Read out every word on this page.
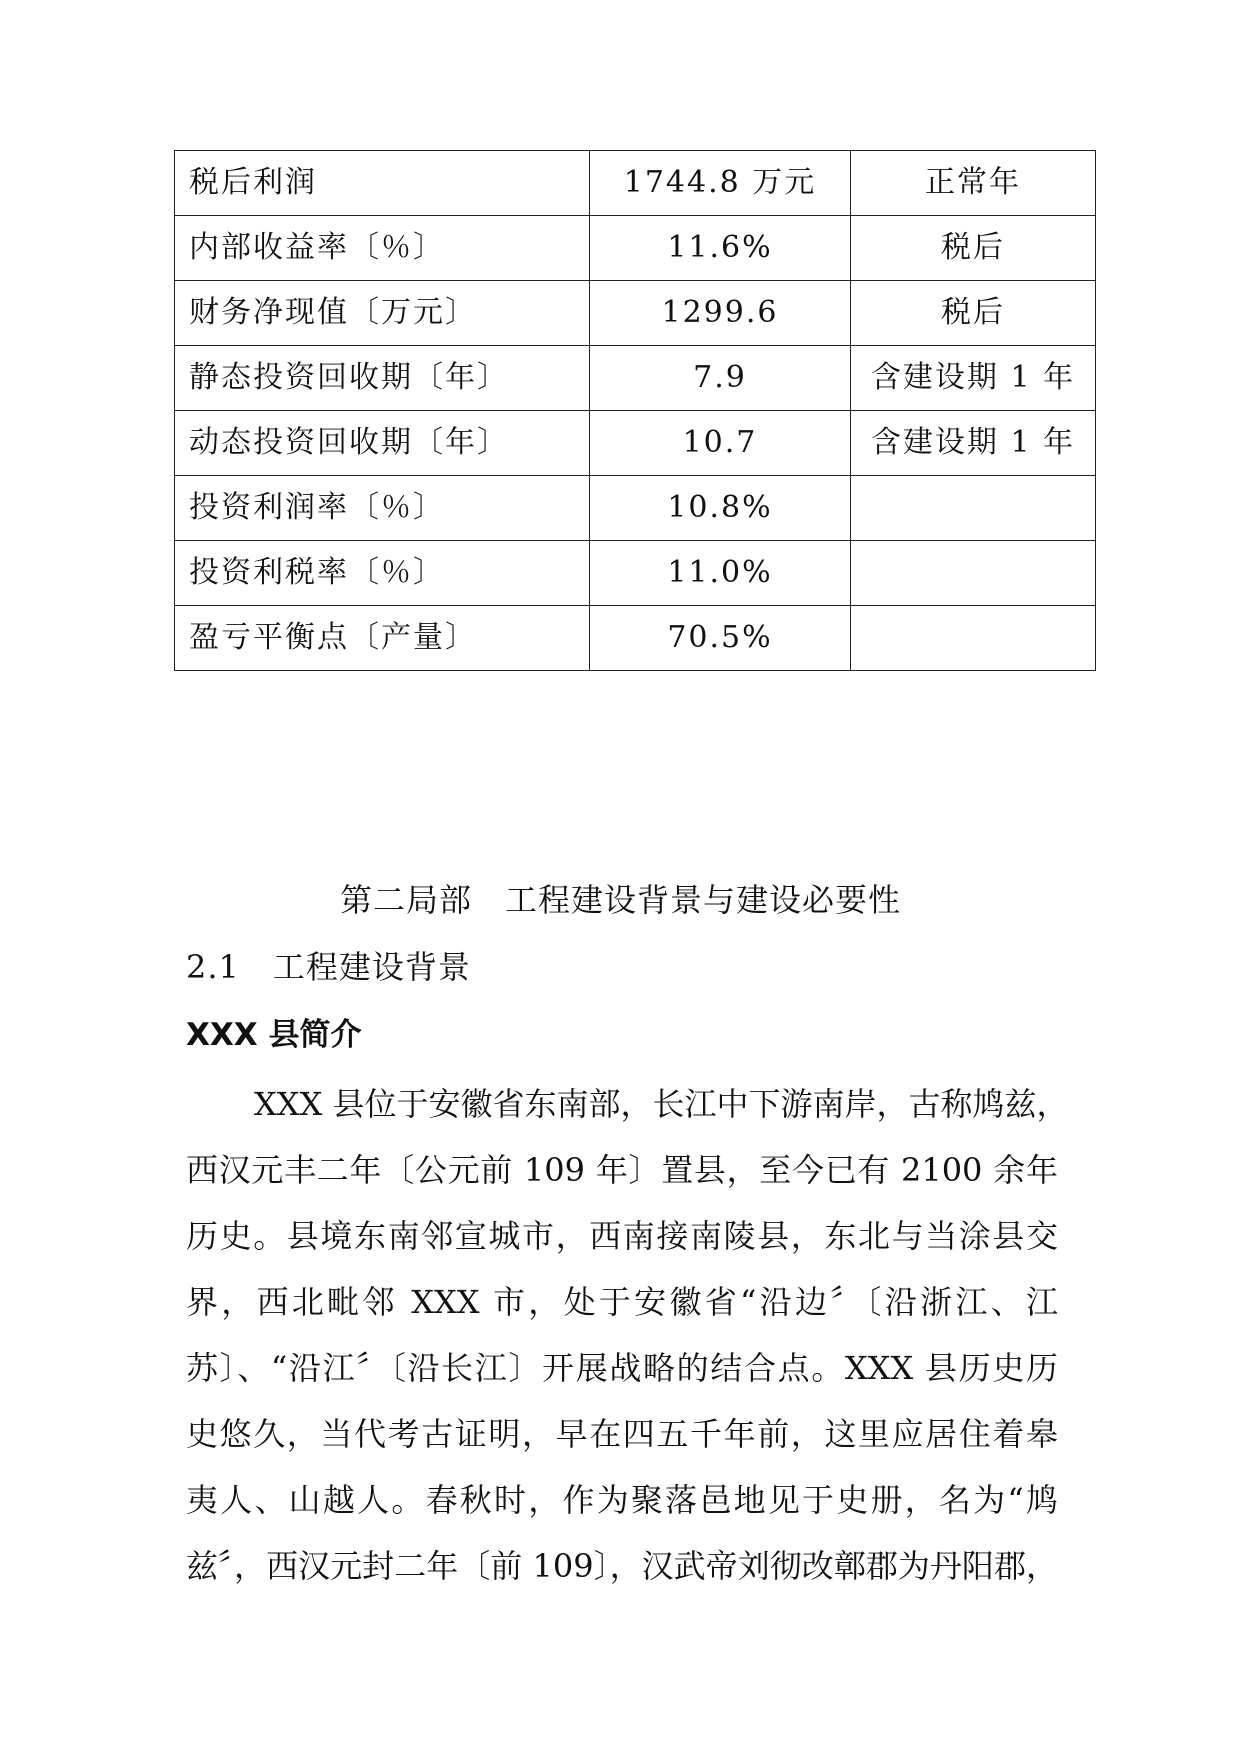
税后利润	1744.8 万元	正常年
内部收益率〔％〕	11.6%	税后
财务净现值〔万元〕	1299.6	税后
静态投资回收期〔年〕	7.9	含建设期 1 年
动态投资回收期〔年〕	10.7	含建设期 1 年
投资利润率〔％〕	10.8%	
投资利税率〔％〕	11.0%	
盈亏平衡点〔产量〕	70.5%	
第二局部　工程建设背景与建设必要性
2.1　工程建设背景
XXX 县简介
XXX 县位于安徽省东南部，长江中下游南岸，古称鸠兹，
西汉元丰二年〔公元前 109 年〕置县，至今已有 2100 余年
历史。县境东南邻宣城市，西南接南陵县，东北与当涂县交
界，西北毗邻 XXX 市，处于安徽省“沿边〞〔沿浙江、江
苏〕、“沿江〞〔沿长江〕开展战略的结合点。XXX 县历史历
史悠久，当代考古证明，早在四五千年前，这里应居住着皋
夷人、山越人。春秋时，作为聚落邑地见于史册，名为“鸠
兹〞，西汉元封二年〔前 109〕，汉武帝刘彻改鄣郡为丹阳郡，
